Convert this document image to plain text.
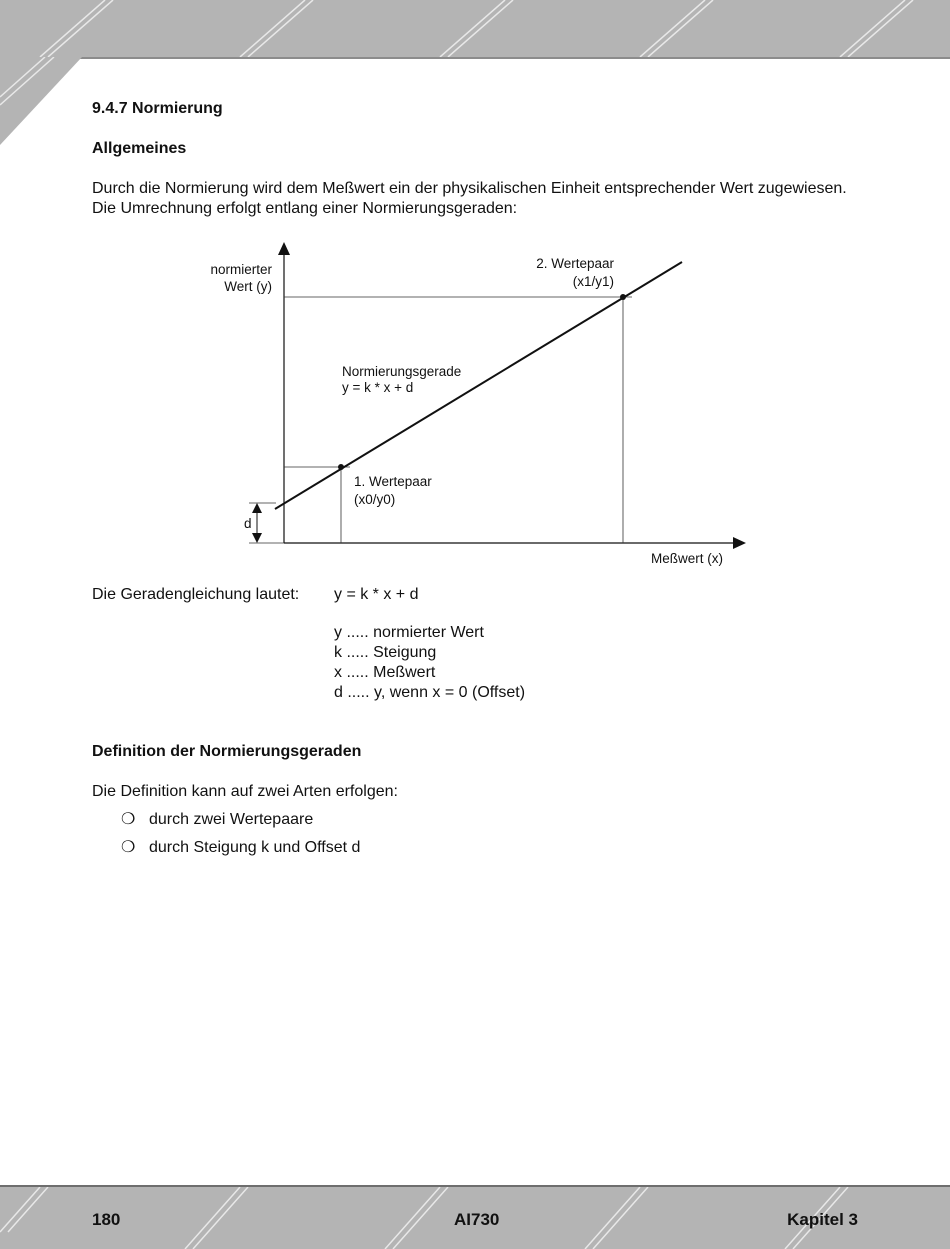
9.4.7 Normierung
Allgemeines

Durch die Normierung wird dem Meßwert ein der physikalischen Einheit entsprechender Wert zugewiesen.

Die Umrechnung erfolgt entlang einer Normierungsgeraden:

normierter
Wert (y)
2. Wertepaar
(x1/y1)
Normierungsgerade
y = k * x + d
1. Wertepaar
(x0/y0)
d
Meßwert (x)

Die Geradengleichung lautet: y = k * x + d

y ..... normierter Wert

k ..... Steigung

x ..... Meßwert

d ..... y, wenn x = 0 (Offset)

Definition der Normierungsgeraden

Die Definition kann auf zwei Arten erfolgen:

❍ durch zwei Wertepaare

❍ durch Steigung k und Offset d

180	AI730	Kapitel 3
